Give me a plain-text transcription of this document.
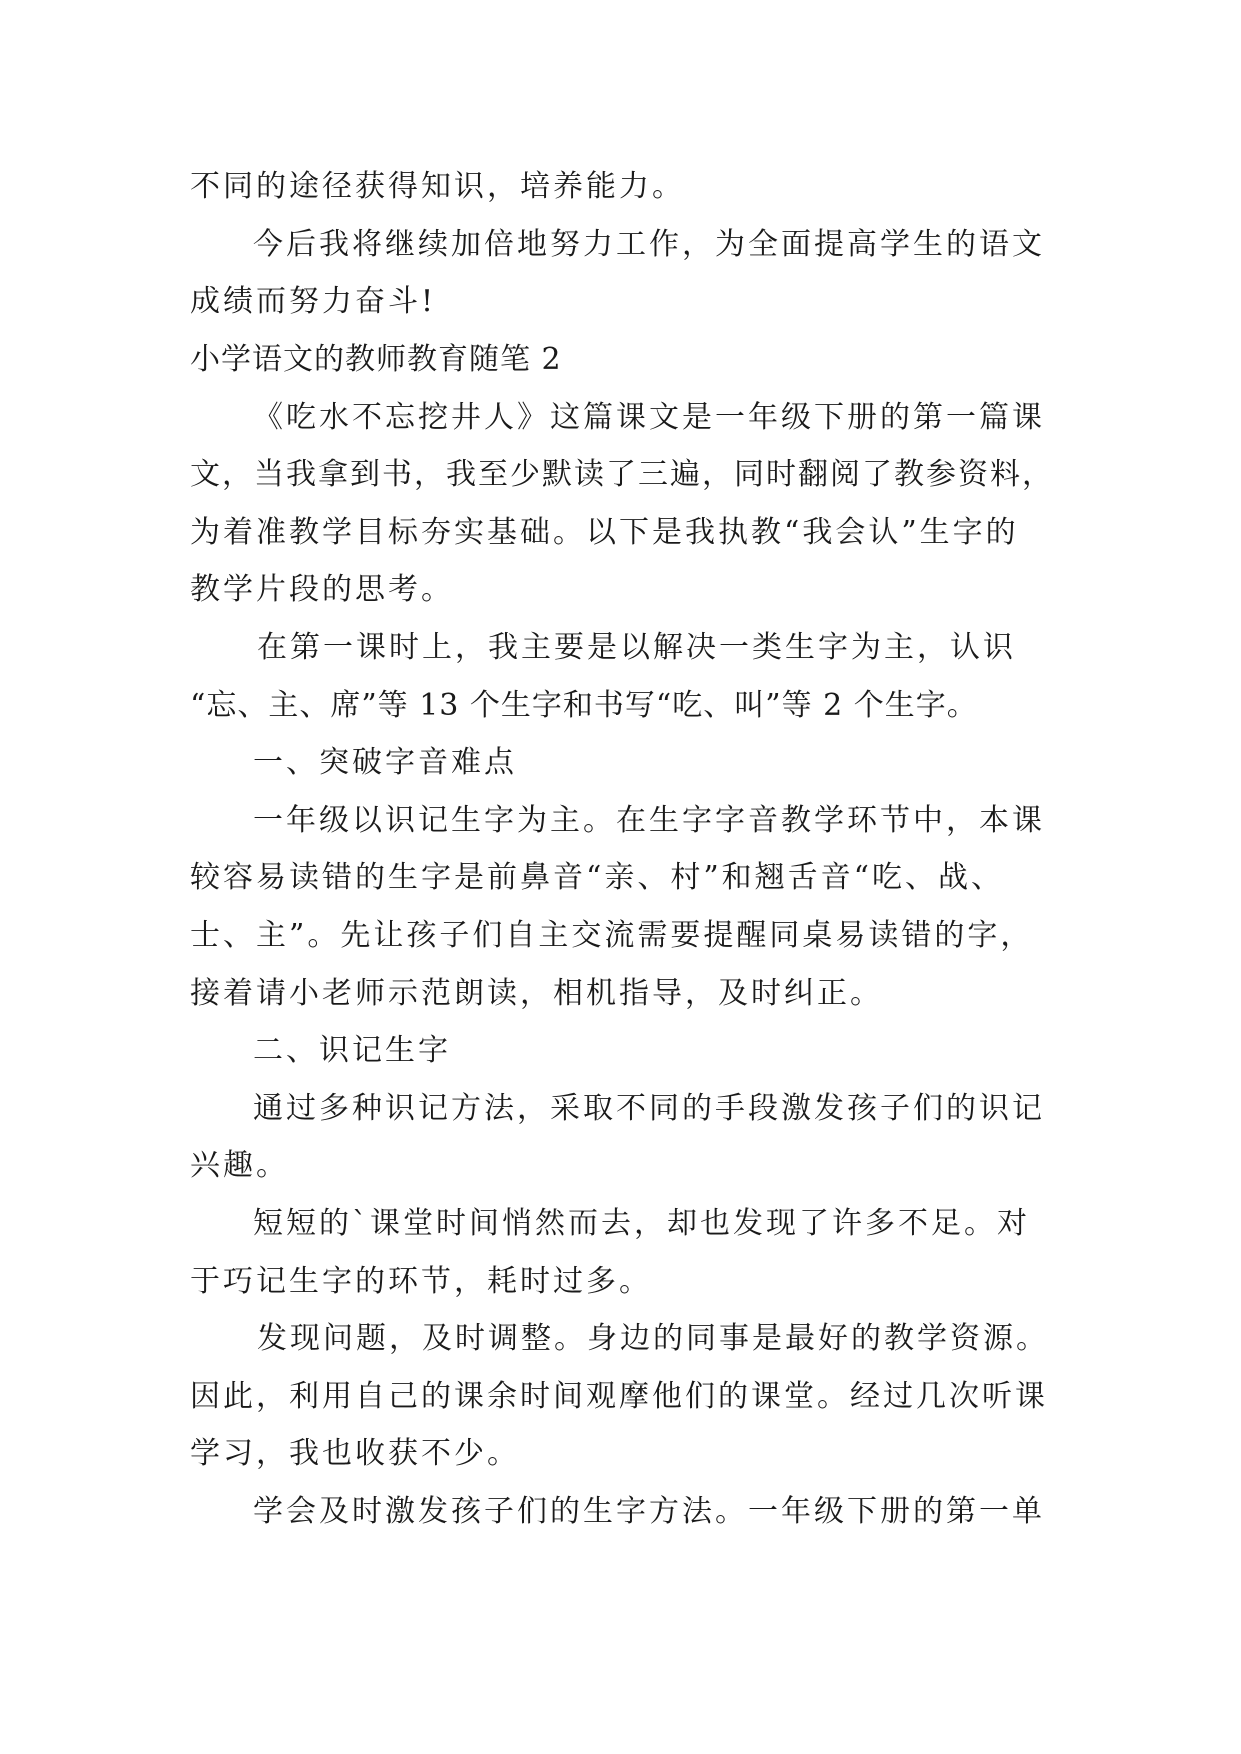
不同的途径获得知识，培养能力。
今后我将继续加倍地努力工作，为全面提高学生的语文
成绩而努力奋斗!
小学语文的教师教育随笔 2
《吃水不忘挖井人》这篇课文是一年级下册的第一篇课
文，当我拿到书，我至少默读了三遍，同时翻阅了教参资料，
为着准教学目标夯实基础。以下是我执教“我会认”生字的
教学片段的思考。
在第一课时上，我主要是以解决一类生字为主，认识
“忘、主、席”等 13 个生字和书写“吃、叫”等 2 个生字。
一、突破字音难点
一年级以识记生字为主。在生字字音教学环节中，本课
较容易读错的生字是前鼻音“亲、村”和翘舌音“吃、战、
士、主”。先让孩子们自主交流需要提醒同桌易读错的字，
接着请小老师示范朗读，相机指导，及时纠正。
二、识记生字
通过多种识记方法，采取不同的手段激发孩子们的识记
兴趣。
短短的`课堂时间悄然而去，却也发现了许多不足。对
于巧记生字的环节，耗时过多。
发现问题，及时调整。身边的同事是最好的教学资源。
因此，利用自己的课余时间观摩他们的课堂。经过几次听课
学习，我也收获不少。
学会及时激发孩子们的生字方法。一年级下册的第一单
